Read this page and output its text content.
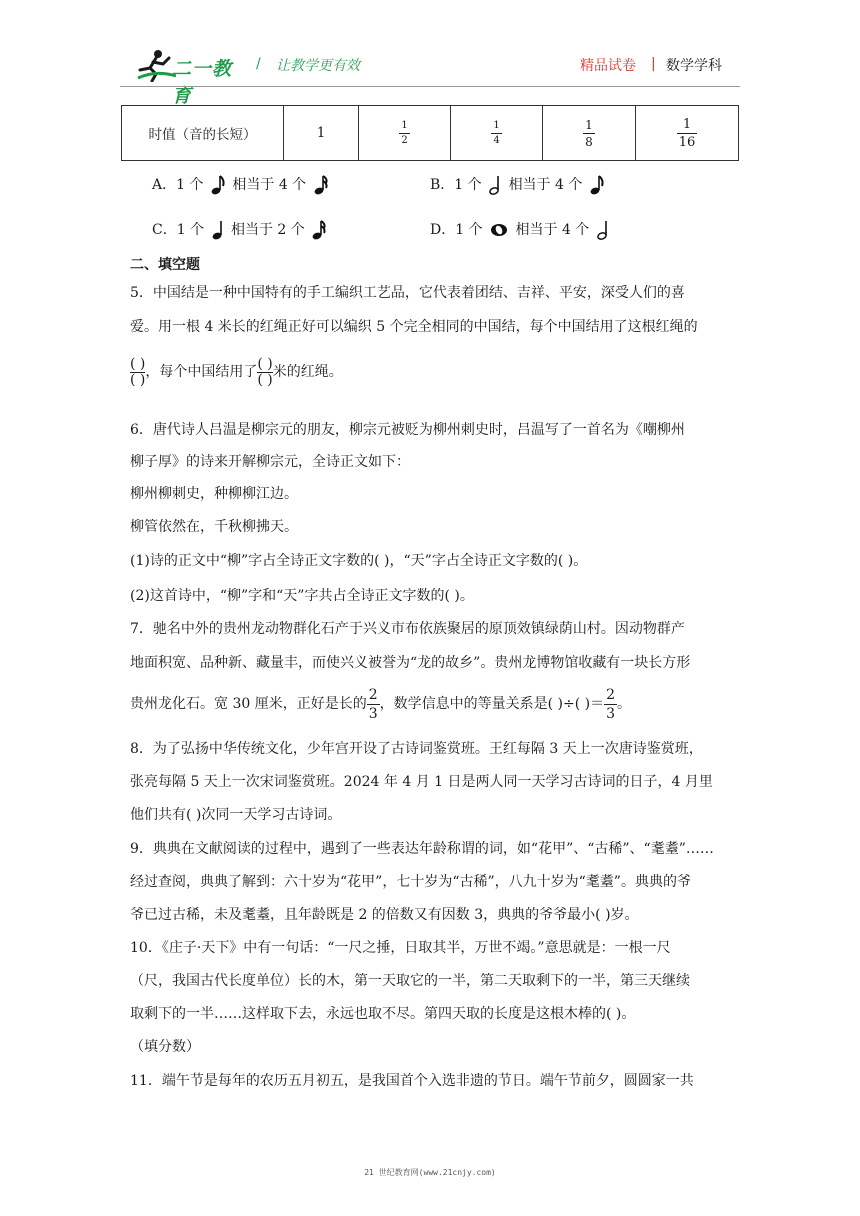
二一教育
/ 让教学更有效	精品试卷 | 数学学科
时值（音的长短）	1	$\frac{1}{2}$	$\frac{1}{4}$	$\frac{1}{8}$	$\frac{1}{16}$
A．1 个 相当于 4 个	B．1 个 相当于 4 个
C．1 个 相当于 2 个	D．1 个 相当于 4 个
二、填空题
5．中国结是一种中国特有的手工编织工艺品，它代表着团结、吉祥、平安，深受人们的喜
爱。用一根 4 米长的红绳正好可以编织 5 个完全相同的中国结，每个中国结用了这根红绳的
( )
( ) ，每个中国结用了
( )
( ) 米的红绳。
6．唐代诗人吕温是柳宗元的朋友，柳宗元被贬为柳州刺史时，吕温写了一首名为《嘲柳州
柳子厚》的诗来开解柳宗元，全诗正文如下：
柳州柳刺史，种柳柳江边。
柳管依然在，千秋柳拂天。
(1)诗的正文中“柳”字占全诗正文字数的( )，“天”字占全诗正文字数的( )。
(2)这首诗中，“柳”字和“天”字共占全诗正文字数的( )。
7．驰名中外的贵州龙动物群化石产于兴义市布依族聚居的原顶效镇绿荫山村。因动物群产
地面积宽、品种新、藏量丰，而使兴义被誉为“龙的故乡”。贵州龙博物馆收藏有一块长方形
贵州龙化石。宽 30 厘米，正好是长的 $\frac{2}{3}$ ，数学信息中的等量关系是( )÷( )＝ $\frac{2}{3}$ 。
8．为了弘扬中华传统文化，少年宫开设了古诗词鉴赏班。王红每隔 3 天上一次唐诗鉴赏班，
张亮每隔 5 天上一次宋词鉴赏班。2024 年 4 月 1 日是两人同一天学习古诗词的日子，4 月里
他们共有( )次同一天学习古诗词。
9．典典在文献阅读的过程中，遇到了一些表达年龄称谓的词，如“花甲”、“古稀”、“耄耋”……
经过查阅，典典了解到：六十岁为“花甲”，七十岁为“古稀”，八九十岁为“耄耋”。典典的爷
爷已过古稀，未及耄耋，且年龄既是 2 的倍数又有因数 3，典典的爷爷最小( )岁。
10．《庄子·天下》中有一句话：“一尺之捶，日取其半，万世不竭。”意思就是：一根一尺
（尺，我国古代长度单位）长的木，第一天取它的一半，第二天取剩下的一半，第三天继续
取剩下的一半……这样取下去，永远也取不尽。第四天取的长度是这根木棒的( )。
（填分数）
11．端午节是每年的农历五月初五，是我国首个入选非遗的节日。端午节前夕，圆圆家一共
21 世纪教育网(www.21cnjy.com)
